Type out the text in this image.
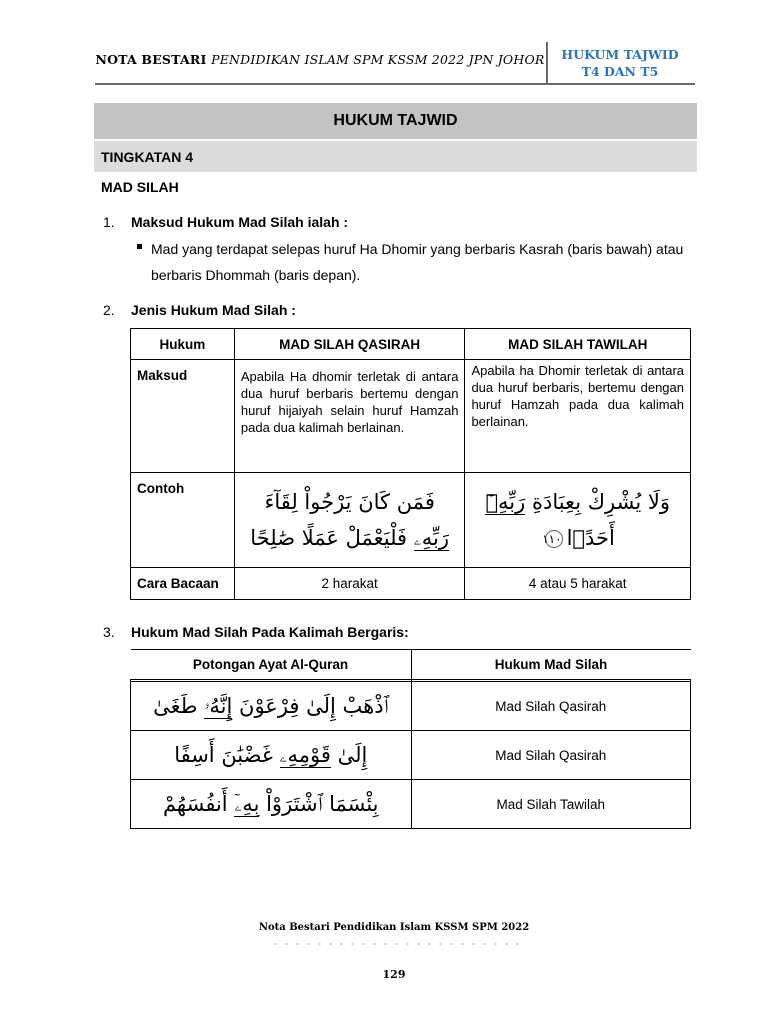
NOTA BESTARI PENDIDIKAN ISLAM SPM KSSM 2022 JPN JOHOR	HUKUM TAJWID
T4 DAN T5
HUKUM TAJWID
TINGKATAN 4
MAD SILAH
1. Maksud Hukum Mad Silah ialah :
Mad yang terdapat selepas huruf Ha Dhomir yang berbaris Kasrah (baris bawah) atau berbaris Dhommah (baris depan).
2. Jenis Hukum Mad Silah :
Hukum	MAD SILAH QASIRAH	MAD SILAH TAWILAH
Maksud	Apabila Ha dhomir terletak di antara dua huruf berbaris bertemu dengan huruf hijaiyah selain huruf Hamzah pada dua kalimah berlainan.	Apabila ha Dhomir terletak di antara dua huruf berbaris, bertemu dengan huruf Hamzah pada dua kalimah berlainan.
Contoh	فَمَن كَانَ يَرْجُواْ لِقَآءَ رَبِّهِۦ فَلْيَعْمَلْ عَمَلًا صَٰلِحًا	وَلَا يُشْرِكْ بِعِبَادَةِ رَبِّهِۦٓ أَحَدًۢا١١٠
Cara Bacaan	2 harakat	4 atau 5 harakat
3. Hukum Mad Silah Pada Kalimah Bergaris:
Potongan Ayat Al-Quran	Hukum Mad Silah

ٱذْهَبْ إِلَىٰ فِرْعَوْنَ إِنَّهُۥ طَغَىٰ	Mad Silah Qasirah
إِلَىٰ قَوْمِهِۦ غَضْبَٰنَ أَسِفًا	Mad Silah Qasirah
بِئْسَمَا ٱشْتَرَوْاْ بِهِۦٓ أَنفُسَهُمْ	Mad Silah Tawilah
Nota Bestari Pendidikan Islam KSSM SPM 2022
129
